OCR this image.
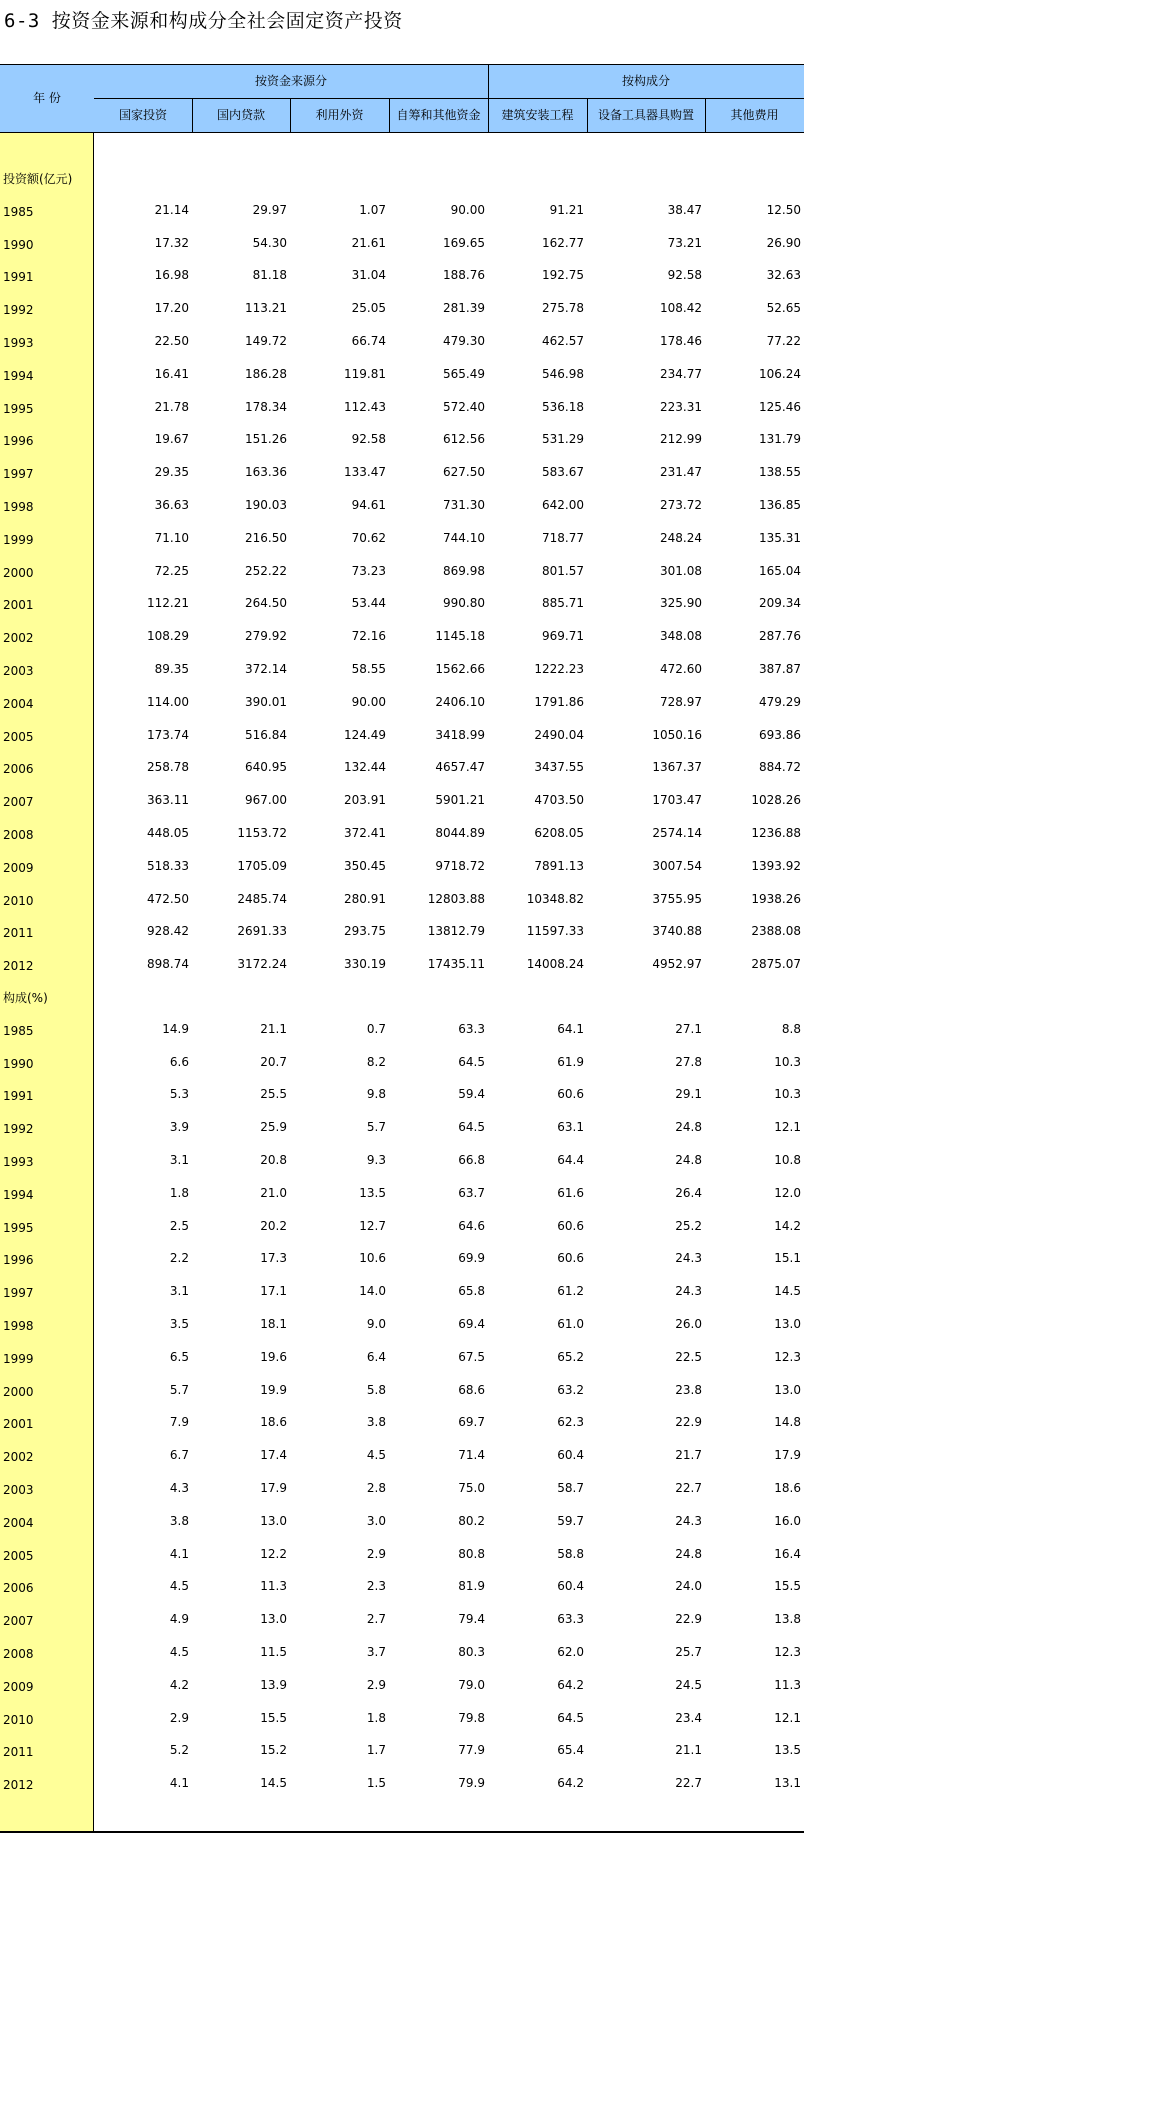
6-3 按资金来源和构成分全社会固定资产投资
年 份
按资金来源分	按构成分
国家投资	国内贷款	利用外资	自筹和其他资金	建筑安装工程	设备工具器具购置	其他费用
投资额(亿元)
1985	21.14	29.97	1.07	90.00	91.21	38.47	12.50
1990	17.32	54.30	21.61	169.65	162.77	73.21	26.90
1991	16.98	81.18	31.04	188.76	192.75	92.58	32.63
1992	17.20	113.21	25.05	281.39	275.78	108.42	52.65
1993	22.50	149.72	66.74	479.30	462.57	178.46	77.22
1994	16.41	186.28	119.81	565.49	546.98	234.77	106.24
1995	21.78	178.34	112.43	572.40	536.18	223.31	125.46
1996	19.67	151.26	92.58	612.56	531.29	212.99	131.79
1997	29.35	163.36	133.47	627.50	583.67	231.47	138.55
1998	36.63	190.03	94.61	731.30	642.00	273.72	136.85
1999	71.10	216.50	70.62	744.10	718.77	248.24	135.31
2000	72.25	252.22	73.23	869.98	801.57	301.08	165.04
2001	112.21	264.50	53.44	990.80	885.71	325.90	209.34
2002	108.29	279.92	72.16	1145.18	969.71	348.08	287.76
2003	89.35	372.14	58.55	1562.66	1222.23	472.60	387.87
2004	114.00	390.01	90.00	2406.10	1791.86	728.97	479.29
2005	173.74	516.84	124.49	3418.99	2490.04	1050.16	693.86
2006	258.78	640.95	132.44	4657.47	3437.55	1367.37	884.72
2007	363.11	967.00	203.91	5901.21	4703.50	1703.47	1028.26
2008	448.05	1153.72	372.41	8044.89	6208.05	2574.14	1236.88
2009	518.33	1705.09	350.45	9718.72	7891.13	3007.54	1393.92
2010	472.50	2485.74	280.91	12803.88	10348.82	3755.95	1938.26
2011	928.42	2691.33	293.75	13812.79	11597.33	3740.88	2388.08
2012	898.74	3172.24	330.19	17435.11	14008.24	4952.97	2875.07
构成(%)
1985	14.9	21.1	0.7	63.3	64.1	27.1	8.8
1990	6.6	20.7	8.2	64.5	61.9	27.8	10.3
1991	5.3	25.5	9.8	59.4	60.6	29.1	10.3
1992	3.9	25.9	5.7	64.5	63.1	24.8	12.1
1993	3.1	20.8	9.3	66.8	64.4	24.8	10.8
1994	1.8	21.0	13.5	63.7	61.6	26.4	12.0
1995	2.5	20.2	12.7	64.6	60.6	25.2	14.2
1996	2.2	17.3	10.6	69.9	60.6	24.3	15.1
1997	3.1	17.1	14.0	65.8	61.2	24.3	14.5
1998	3.5	18.1	9.0	69.4	61.0	26.0	13.0
1999	6.5	19.6	6.4	67.5	65.2	22.5	12.3
2000	5.7	19.9	5.8	68.6	63.2	23.8	13.0
2001	7.9	18.6	3.8	69.7	62.3	22.9	14.8
2002	6.7	17.4	4.5	71.4	60.4	21.7	17.9
2003	4.3	17.9	2.8	75.0	58.7	22.7	18.6
2004	3.8	13.0	3.0	80.2	59.7	24.3	16.0
2005	4.1	12.2	2.9	80.8	58.8	24.8	16.4
2006	4.5	11.3	2.3	81.9	60.4	24.0	15.5
2007	4.9	13.0	2.7	79.4	63.3	22.9	13.8
2008	4.5	11.5	3.7	80.3	62.0	25.7	12.3
2009	4.2	13.9	2.9	79.0	64.2	24.5	11.3
2010	2.9	15.5	1.8	79.8	64.5	23.4	12.1
2011	5.2	15.2	1.7	77.9	65.4	21.1	13.5
2012	4.1	14.5	1.5	79.9	64.2	22.7	13.1
